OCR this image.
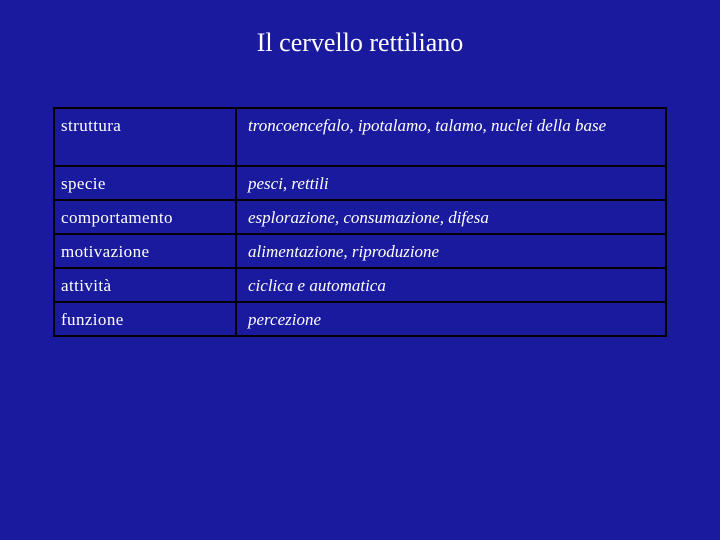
Il cervello rettiliano
struttura	troncoencefalo, ipotalamo, talamo, nuclei della base
specie	pesci, rettili
comportamento	esplorazione, consumazione, difesa
motivazione	alimentazione, riproduzione
attività	ciclica e automatica
funzione	percezione
